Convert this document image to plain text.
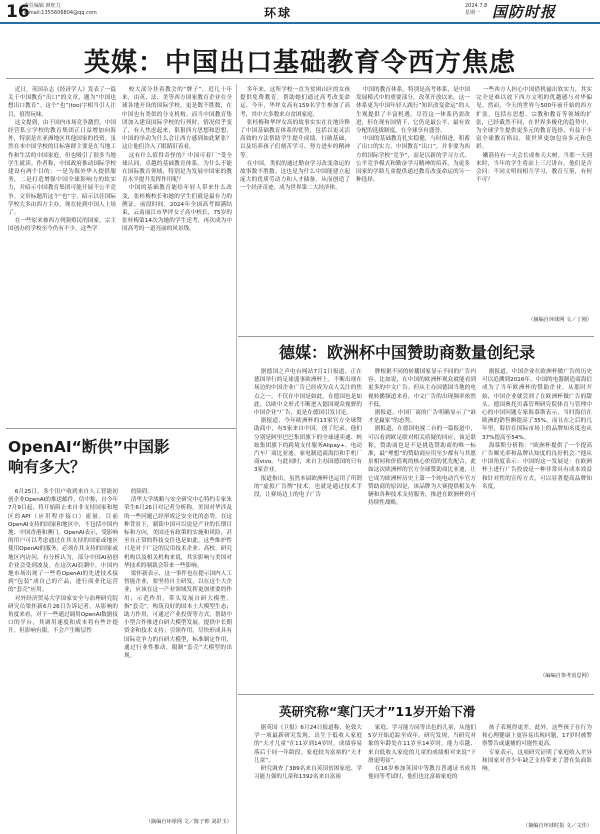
16
责任编辑 颜旺力
e-mail:1355606804@qq.com	环球	2024.7.8
星期一 国防时报
英媒：中国出口基础教育令西方焦虑

近日，英国杂志《经济学人》发表了一篇关于中国教育“出口”的文章，题为“中国也想出口教育”。这个“也”(too)字相当引人注目，值得玩味。

这文提到，由于国内市场竞争激烈，中国经营私立学校的教育集团正日益增加向海外，特别是在亚洲地区其他国家的投资。虽然在本中国学校的目标客群主要是在当地工作和生活的中国家庭，但也吸引了很多当地学生就读。作者称，中国政府推动国际学校建设有两个目的：一是为海外华人提供服务，二是打造增强中国全球影响力的软实力，并暗示中国教育集团可能开展不公平竞争。文章标题用这个“也”字，暗示以往国际学校大多由西方主办，现在轮到中国人上场了。

在一些原来被西方列强殖民的国家，宗主国创办的学校至今仍有不少。这些学

校大部分挂着教会的“牌子”。近几十年来，由英、法、美等西方国家教育企业在全球各地开设的国际学校，更是数不胜数，在中国也有类似的分支机构。而当中国教育集团加入建设国际学校的行列时，情况似乎变了，有人焦虑起来，狠狠西方思想和思想，中国的举动为什么会让西方感到如此紧张？这让他们冷入了眼睛盯着看。

这有什么值得奇怪的？中国可着厂“受全球认同，卓越的基础教育体系。为什么不能在国际教育领域，特别是为发展中国家的教育水平提升发挥作用呢？

中国的基础教育能给年轻人带来什么改变，张桂梅校长和她的学生们就是最有力的例证。前段时间，2024年全国高考圆满结束，云南丽江市华坪女子高中校长，75岁的张桂梅第14次为她的学生送考，再次成为中国高考的一道亮丽的风景线。

多年来，这所学校一直为贫困山区的女孩提供免费教育，帮助她们通过高考改变命运。今年，华坪女高有159名学生参加了高考，其中大多数来自贫困家庭。

张桂梅和华坪女高的故事实实在在地诠释了中国基础教育体系的优势，包括以更灵活高效的方法帮助学生提升成绩，打破基础，以及培养孩子们刻苦学习、努力进步的精神等。

在中国，类似的通过勤奋学习改变命运的故事数不胜数。这也是为什么中国能建立起庞大的优质劳动力和人才储备，从而创造了一个经济奇迹，成为世界第二大经济体。

中国的教育体系，特别是高考体系，是中国发展模式中的重要部分。改革开放以来，这一体系更为中国年轻人践行“知识改变命运”的人生观提供了丰富机遇。尽管这一体系仍需改进，但在现有国情下，它仍是最公平、最有效分配的选拔制度，在全球享有盛誉。

中国的基础教育扎实稳健，与时俱进，积蓄了出口的实力。中国教育“出口”，并非要为西方的国际学校“竞争”，而是以新的学习方式、公平竞争模式和勤奋学习精神的培养，为更多国家的学龄儿童提供通过教育改变命运的另一种选择。

一些西方人担心中国借机输出软实力，其实完全是难以放下西方文明的优越感与对华偏见。然而，今天的世界与500年前开始的西方扩张，包括在思想、宗教和教育等领域的扩张，已经截然不同，在世界多极化的趋势中，为全球学生提供更多元的教育选择，有益于丰富全球教育格局，使世界更加包容多元和色彩。

嫩箭待有一天会长成参天大树，当那一天到来时，当年的学生将站上三尺讲台，他们是否会问：不同文明间相互学习，教育互鉴，有何不可？

（摘编自环球网 文／丁刚）
德媒：欧洲杯中国赞助商数量创纪录

据德国之声电台网站7月1日报道，正在德国举行的足球盛事欧洲杯上，不断出现在场边的中国企业广告已经成为众人关注的焦点之一。不仅在中国是如此，在德国也是如此。以欧中文形式不断进入德国观众视野的中国企业“广告，更是在德国引发讨论。

据报道，今年欧洲杯的13家官方全球赞助商中，有5家来自中国，创了纪录。他们分别是阿里巴巴集团旗下的全球速卖通、蚂蚁集团旗下的跨境支付服务Alipay+、电动汽车厂商比亚迪、家电制造商海信和手机厂商vivo。与此同时，来自主办国德国的只有3家企业。

报道指出，虽然本届欧洲杯也运用了所谓的“虚拟广告牌”技术，也就是通过技术手段，让赛场边上的电子广告

牌根据不同的转播国家显示不同的广告内容。比如说，在中国的欧洲杯观众就能看到更多的中文广告。但从主办国德国当地的电视转播频道来看，中文广告的出现频率依然不低。

据报道，中国厂商的广告明确显示了“谁才是赢家”的态势。

据报道，在德国电视二台的一篇报道中，可以看到欧足联对相关质疑的回应，该足联称，赞助商也是不是挑选赞助商的唯一标准，最“理想”的赞助商应用至少都有与其愿景相同和价值观的核心价值的优先配合。此如这次欧洲杯的官方全球赞助商比亚迪，让它成为欧洲杯历史上第一个纯电动汽车官方赞助商的原因是，该品牌为大赛提供相关车辆和各种技术支持服务，推进在欧洲杯的可持续性战略。

据报道，中国企业在欧洲杯做广告的历史可以追溯到2016年，中国的电器制造商海信成为了当年欧洲杯的赞助企业。从那时开始，中国企业就尝到了在欧洲杯做广告的甜头。德国奥托贝森管理研究院体育与管理中心的中国问题专家海慕斯表示，当时海信在欧洲的销售额提高了35%，而且在之后的几年里，海信在国际市场上的品牌知名度也从37%提高至54%。

海慕斯分析称：“欧洲杯提供了一个提高广告曝光率和品牌认知度的良好机会。”他从中国角度表示：中国的这一发展是：在欧洲杯上进行广告投放是一种非常具有成本效益和针对性的宣传方式，可以显著提高品牌知名度。

（编编自参考消息网）
OpenAI“断供”中国影响有多大？

6月25日，多个用户收到来自人工智能初创企业OpenAI的推送邮件，信中称，自今年7月9日起，将开始阻止来自非支持国家和地区的API（应用程序接口）流量。目前OpenAI支持的国家和地区中，不包括中国内地、中国香港和澳门。OpenAI表示，受影响的用户可以考虑通过在其支持的国家或地区使用OpenAI的服务，必须在其支持的国家或地区内访问。有分析认为，部分中国AI初创企业会受到波及。在这次AI浪潮中，中国内地市场出现了一些将OpenAI的先进技术接到“包装”成自己的产品，进行商业化运营的“套壳”应用。

对外经济贸易大学国家安全与治理研究院研究员梁怀新6月26日告诉记者，从影响的角度来看，对于一些通过调用OpenAI数据接口的平台，其调用速度和成本将有些许提升，但影响有限，不会产生断层性

的阻碍。

清华大学战略与安全研究中心特约专家朱荣生6月26日对记者分析称，美国对华涉及的一些问题已经形成泛安全化的态势，在这种背景下，制裁中国可以说是产业的长期目标和方向，美国还有政策的实施和风险，甚至在正常的科技交往也是如此。这些维护性只是对于广泛的民用技术企业、高校、研究机构以及相关机构来说，其实影响与美国对华技术的制裁会带来一些影响。

梁怀新表示，这一事件也在提示国内人工智能企业，要坚持自主研发，以在这个大企业，应该在这一产业领域发挥更加重要的作用；示范作用，带头发展自研大模型，指“套壳”，构筑良好的国本土大模型生态；助力作用，可通过产业投资等方式，帮助中小型合作推进自研大模型发展，提供中长期资金和技术支持；引领作用，尽快形成具有国际竞争力的自研大模型，标准制定作用，通过行业性推动，限制“套壳”大模型的出现。

（摘编自环球网 文／陈子帅 刘彩玉）
英研究称“寒门天才”11岁开始下滑

据英国《卫报》6月24日报道称，伦敦大学一项最新研究发现，出生于低收入家庭的“天才儿童”在11岁到14岁时，成绩容易落后于同一年龄段、家庭较为富裕的“天才儿童”。

研究调查了389名来自英国贫困家庭、学习能力强的儿童和1392名来自富裕

家庭、学习能力同等出色的儿童，从他们5岁开始追踪至成年。研究发现，当研究对象的年龄处在11岁至14岁时，能力卓越、来自低收入家庭的儿童的成绩相对来说“下滑更明显”。

在16岁参加英国中等教育普通证书成其他同等考试时，他们也比富裕家庭的

孩子表现得更差。此外，这些孩子在行为和心理健康上更容易出现问题，17岁时被警察警告或逮捕的可能性更高。

专家表示，这项研究证明了家庭收入差异和国家对青少年缺乏支持带来了潜在负面影响。

（摘编自环球时报 文／文佳）
